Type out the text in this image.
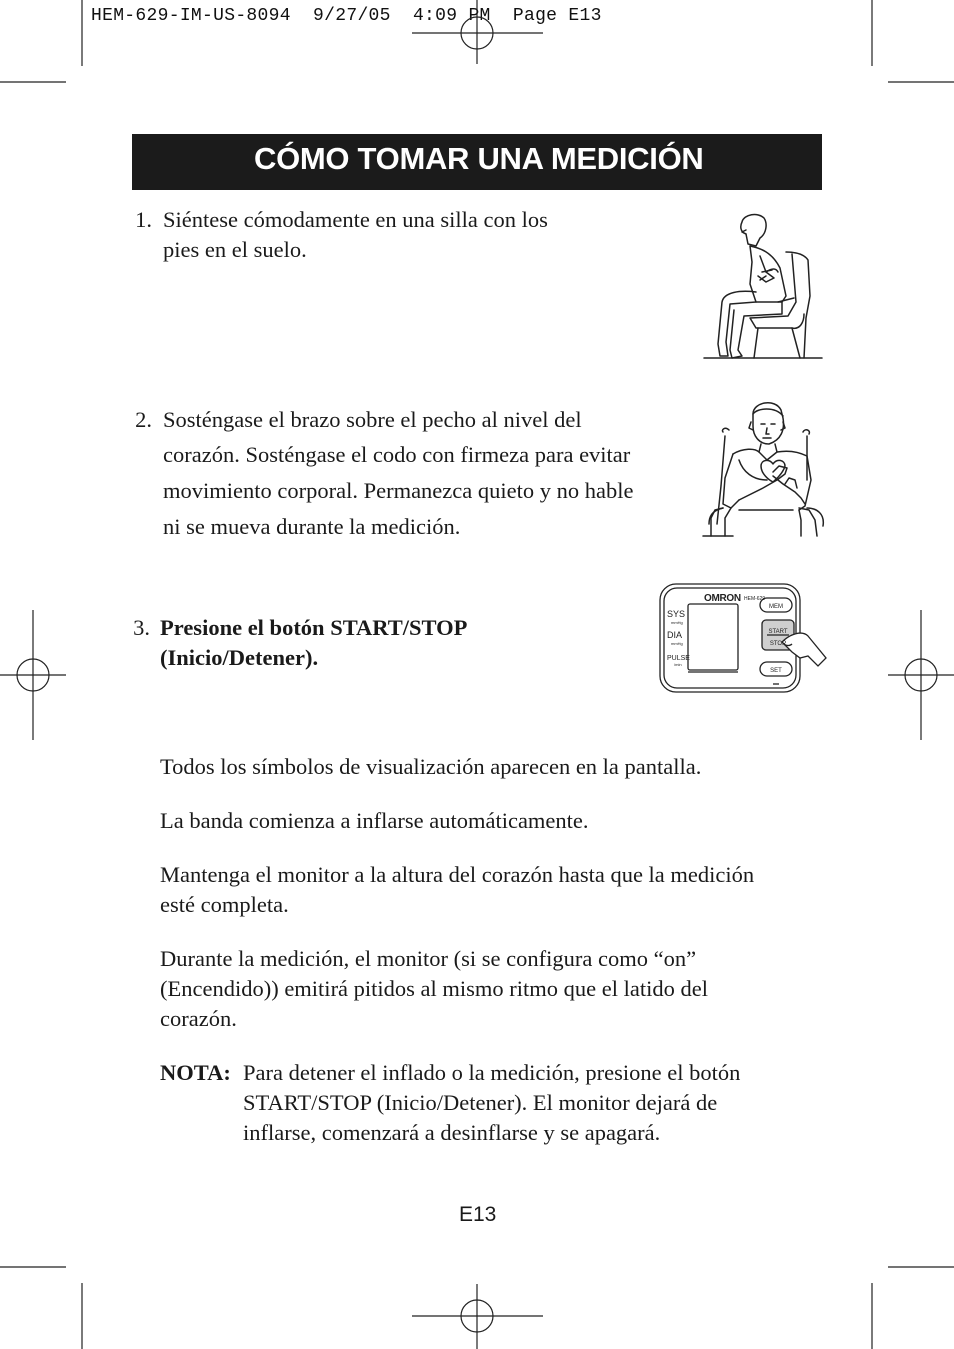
HEM-629-IM-US-8094  9/27/05  4:09 PM  Page E13
CÓMO TOMAR UNA MEDICIÓN
1. Siéntese cómodamente en una silla con los
pies en el suelo.
2. Sosténgase el brazo sobre el pecho al nivel del
corazón. Sosténgase el codo con firmeza para evitar
movimiento corporal. Permanezca quieto y no hable
ni se mueva durante la medición.
3. Presione el botón START/STOP
(Inicio/Detener).
OMRON HEM-629
SYS
mmHg
DIA
mmHg
PULSE
/min
MEM
START
STOP
SET
Todos los símbolos de visualización aparecen en la pantalla.
La banda comienza a inflarse automáticamente.
Mantenga el monitor a la altura del corazón hasta que la medición
esté completa.
Durante la medición, el monitor (si se configura como “on”
(Encendido)) emitirá pitidos al mismo ritmo que el latido del
corazón.
NOTA: Para detener el inflado o la medición, presione el botón
START/STOP (Inicio/Detener). El monitor dejará de
inflarse, comenzará a desinflarse y se apagará.
E13
